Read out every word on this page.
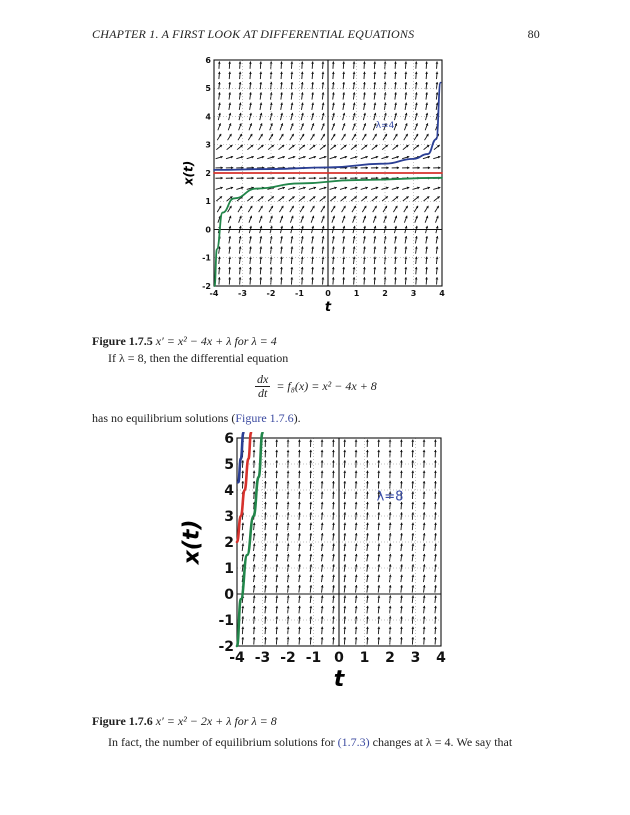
CHAPTER 1. A FIRST LOOK AT DIFFERENTIAL EQUATIONS	80
-4 -3 -2 -1	0	1	2	3	4
-2
-1
0
1
2
3
4
5
6
λ=4
t
x(t)
Figure 1.7.5 x′ = x² − 4x + λ for λ = 4
If λ = 8, then the differential equation
$\frac{dx}{dt} = f_8(x) = x^2 - 4x + 8$
has no equilibrium solutions (Figure 1.7.6).
-4 -3 -2 -1 0 1 2 3 4
-2
-1
0
1
2
3
4
5
6
λ=8
t
x(t)
Figure 1.7.6 x′ = x² − 2x + λ for λ = 8
In fact, the number of equilibrium solutions for (1.7.3) changes at λ = 4. We say that
